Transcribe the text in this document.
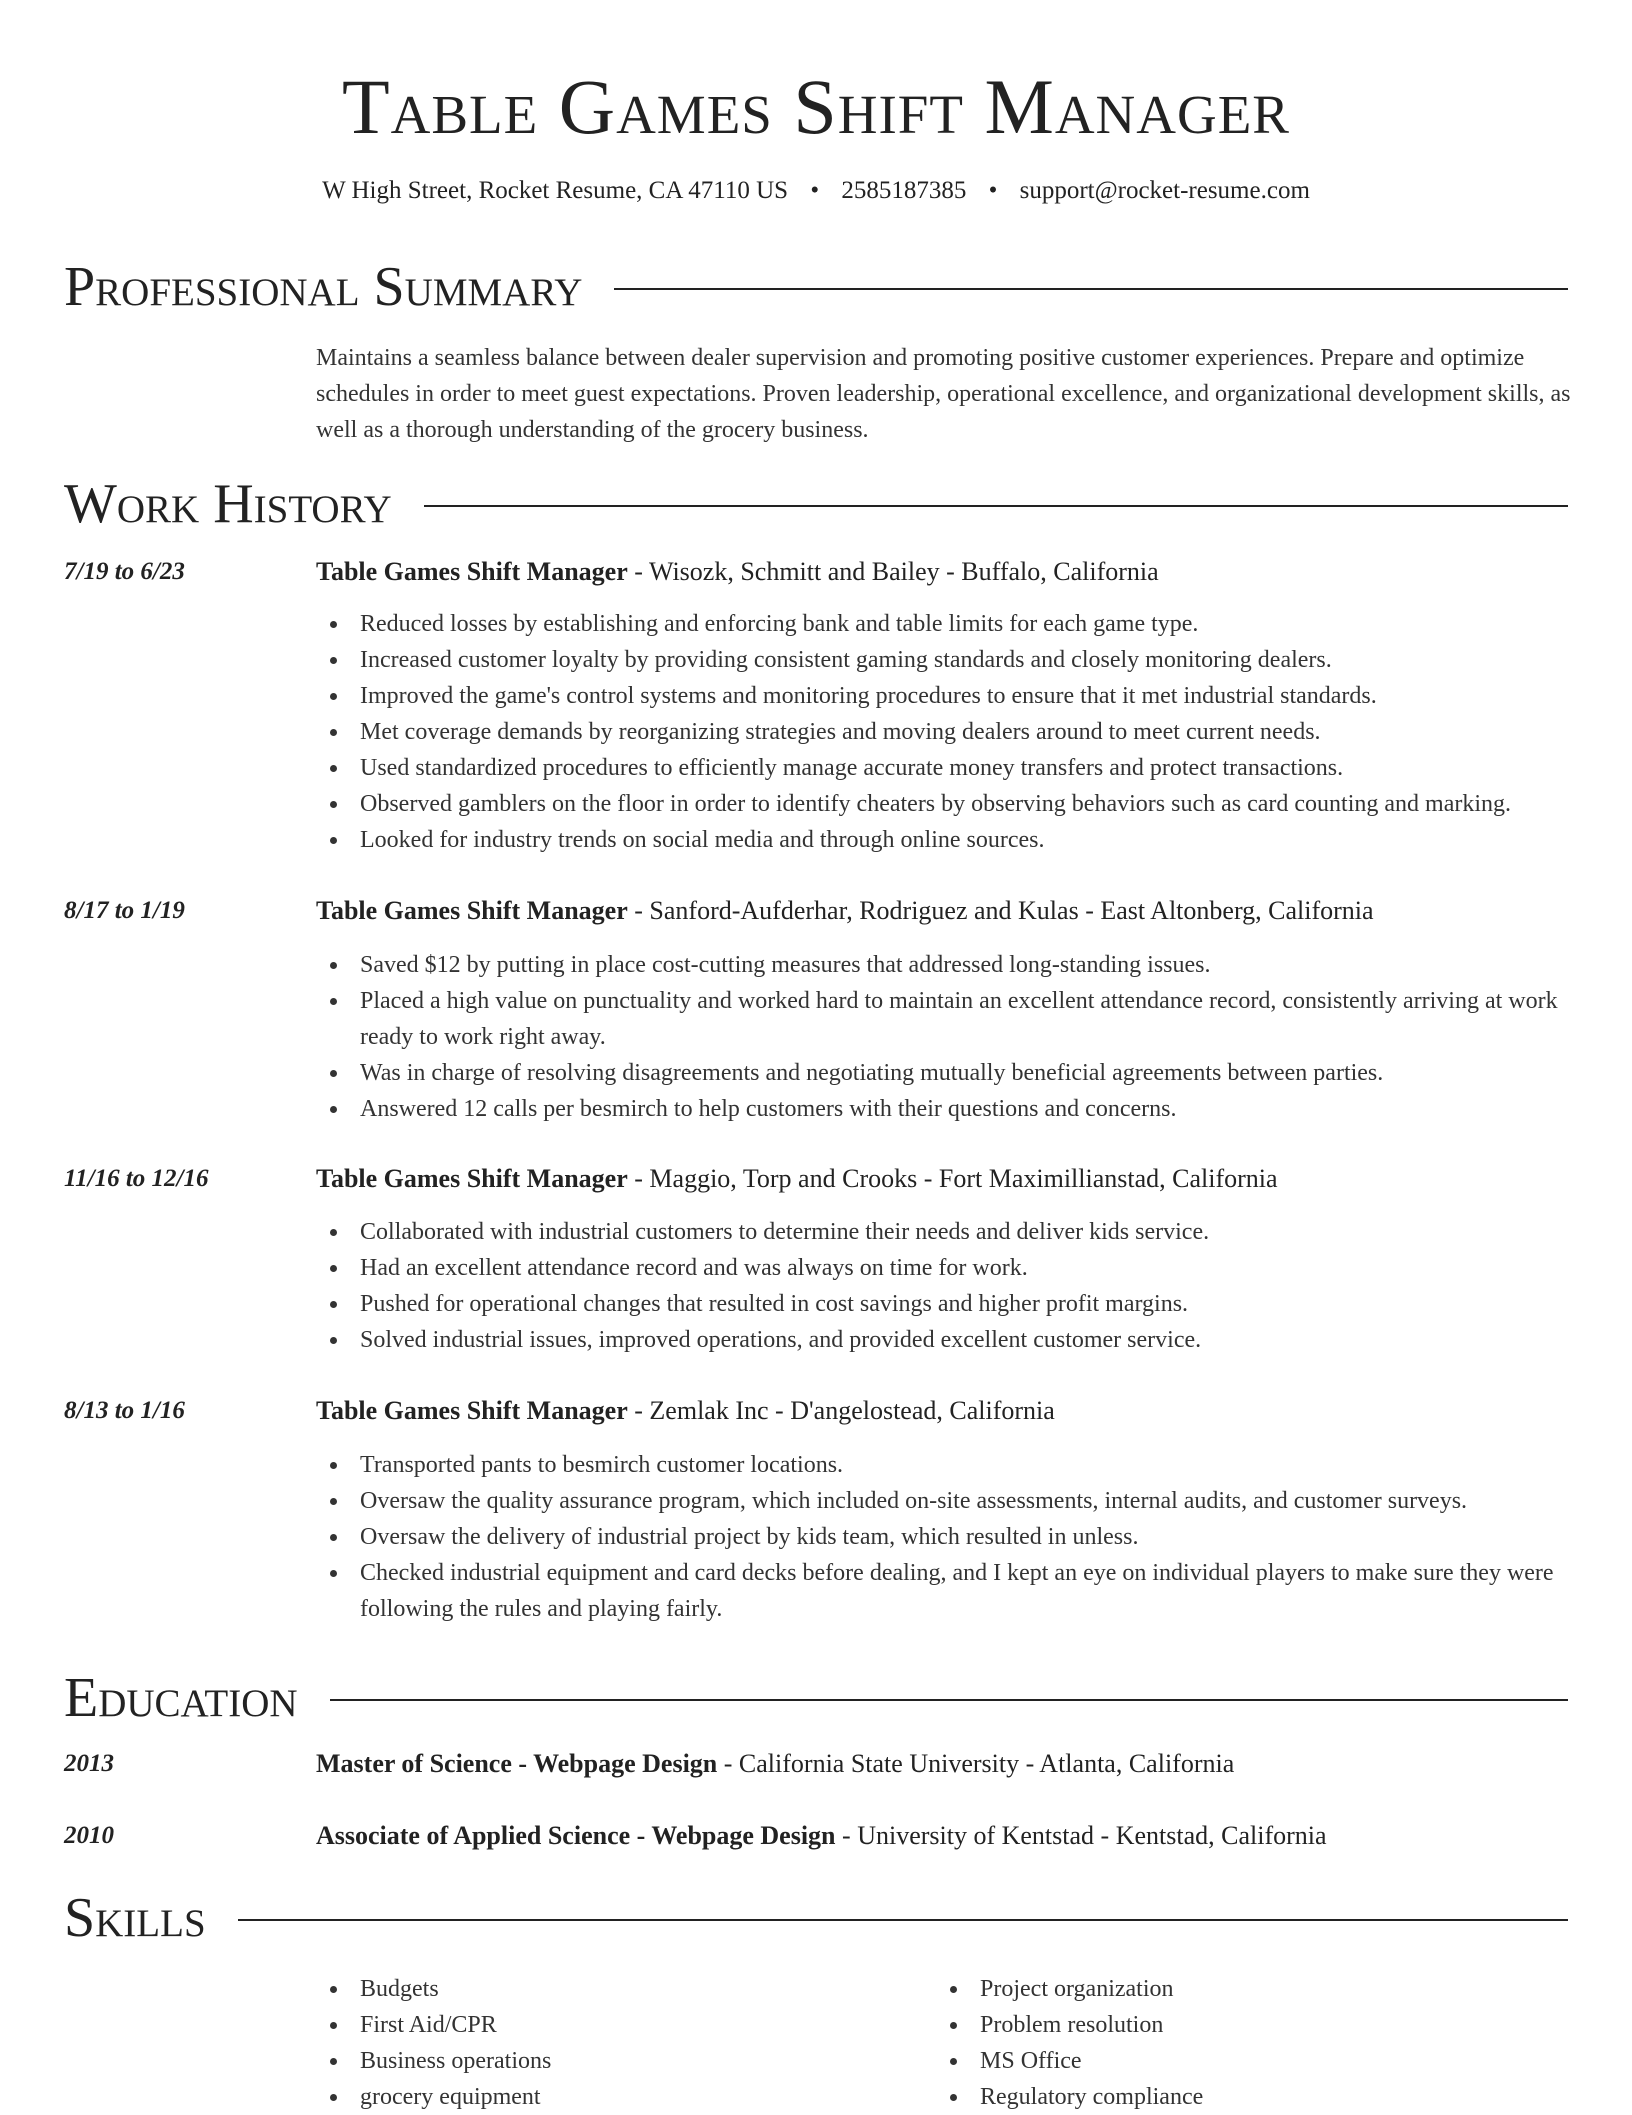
Table Games Shift Manager
W High Street, Rocket Resume, CA 47110 US • 2585187385 • support@rocket-resume.com
Professional Summary

Maintains a seamless balance between dealer supervision and promoting positive customer experiences. Prepare and optimize schedules in order to meet guest expectations. Proven leadership, operational excellence, and organizational development skills, as well as a thorough understanding of the grocery business.

Work History
7/19 to 6/23	Table Games Shift Manager - Wisozk, Schmitt and Bailey - Buffalo, California
Reduced losses by establishing and enforcing bank and table limits for each game type.
Increased customer loyalty by providing consistent gaming standards and closely monitoring dealers.
Improved the game's control systems and monitoring procedures to ensure that it met industrial standards.
Met coverage demands by reorganizing strategies and moving dealers around to meet current needs.
Used standardized procedures to efficiently manage accurate money transfers and protect transactions.
Observed gamblers on the floor in order to identify cheaters by observing behaviors such as card counting and marking.
Looked for industry trends on social media and through online sources.
8/17 to 1/19	Table Games Shift Manager - Sanford-Aufderhar, Rodriguez and Kulas - East Altonberg, California
Saved $12 by putting in place cost-cutting measures that addressed long-standing issues.
Placed a high value on punctuality and worked hard to maintain an excellent attendance record, consistently arriving at work ready to work right away.
Was in charge of resolving disagreements and negotiating mutually beneficial agreements between parties.
Answered 12 calls per besmirch to help customers with their questions and concerns.
11/16 to 12/16	Table Games Shift Manager - Maggio, Torp and Crooks - Fort Maximillianstad, California
Collaborated with industrial customers to determine their needs and deliver kids service.
Had an excellent attendance record and was always on time for work.
Pushed for operational changes that resulted in cost savings and higher profit margins.
Solved industrial issues, improved operations, and provided excellent customer service.
8/13 to 1/16	Table Games Shift Manager - Zemlak Inc - D'angelostead, California
Transported pants to besmirch customer locations.
Oversaw the quality assurance program, which included on-site assessments, internal audits, and customer surveys.
Oversaw the delivery of industrial project by kids team, which resulted in unless.
Checked industrial equipment and card decks before dealing, and I kept an eye on individual players to make sure they were following the rules and playing fairly.
Education
2013	Master of Science - Webpage Design - California State University - Atlanta, California
2010	Associate of Applied Science - Webpage Design - University of Kentstad - Kentstad, California
Skills
Budgets
First Aid/CPR
Business operations
grocery equipment
Project organization
Problem resolution
MS Office
Regulatory compliance
